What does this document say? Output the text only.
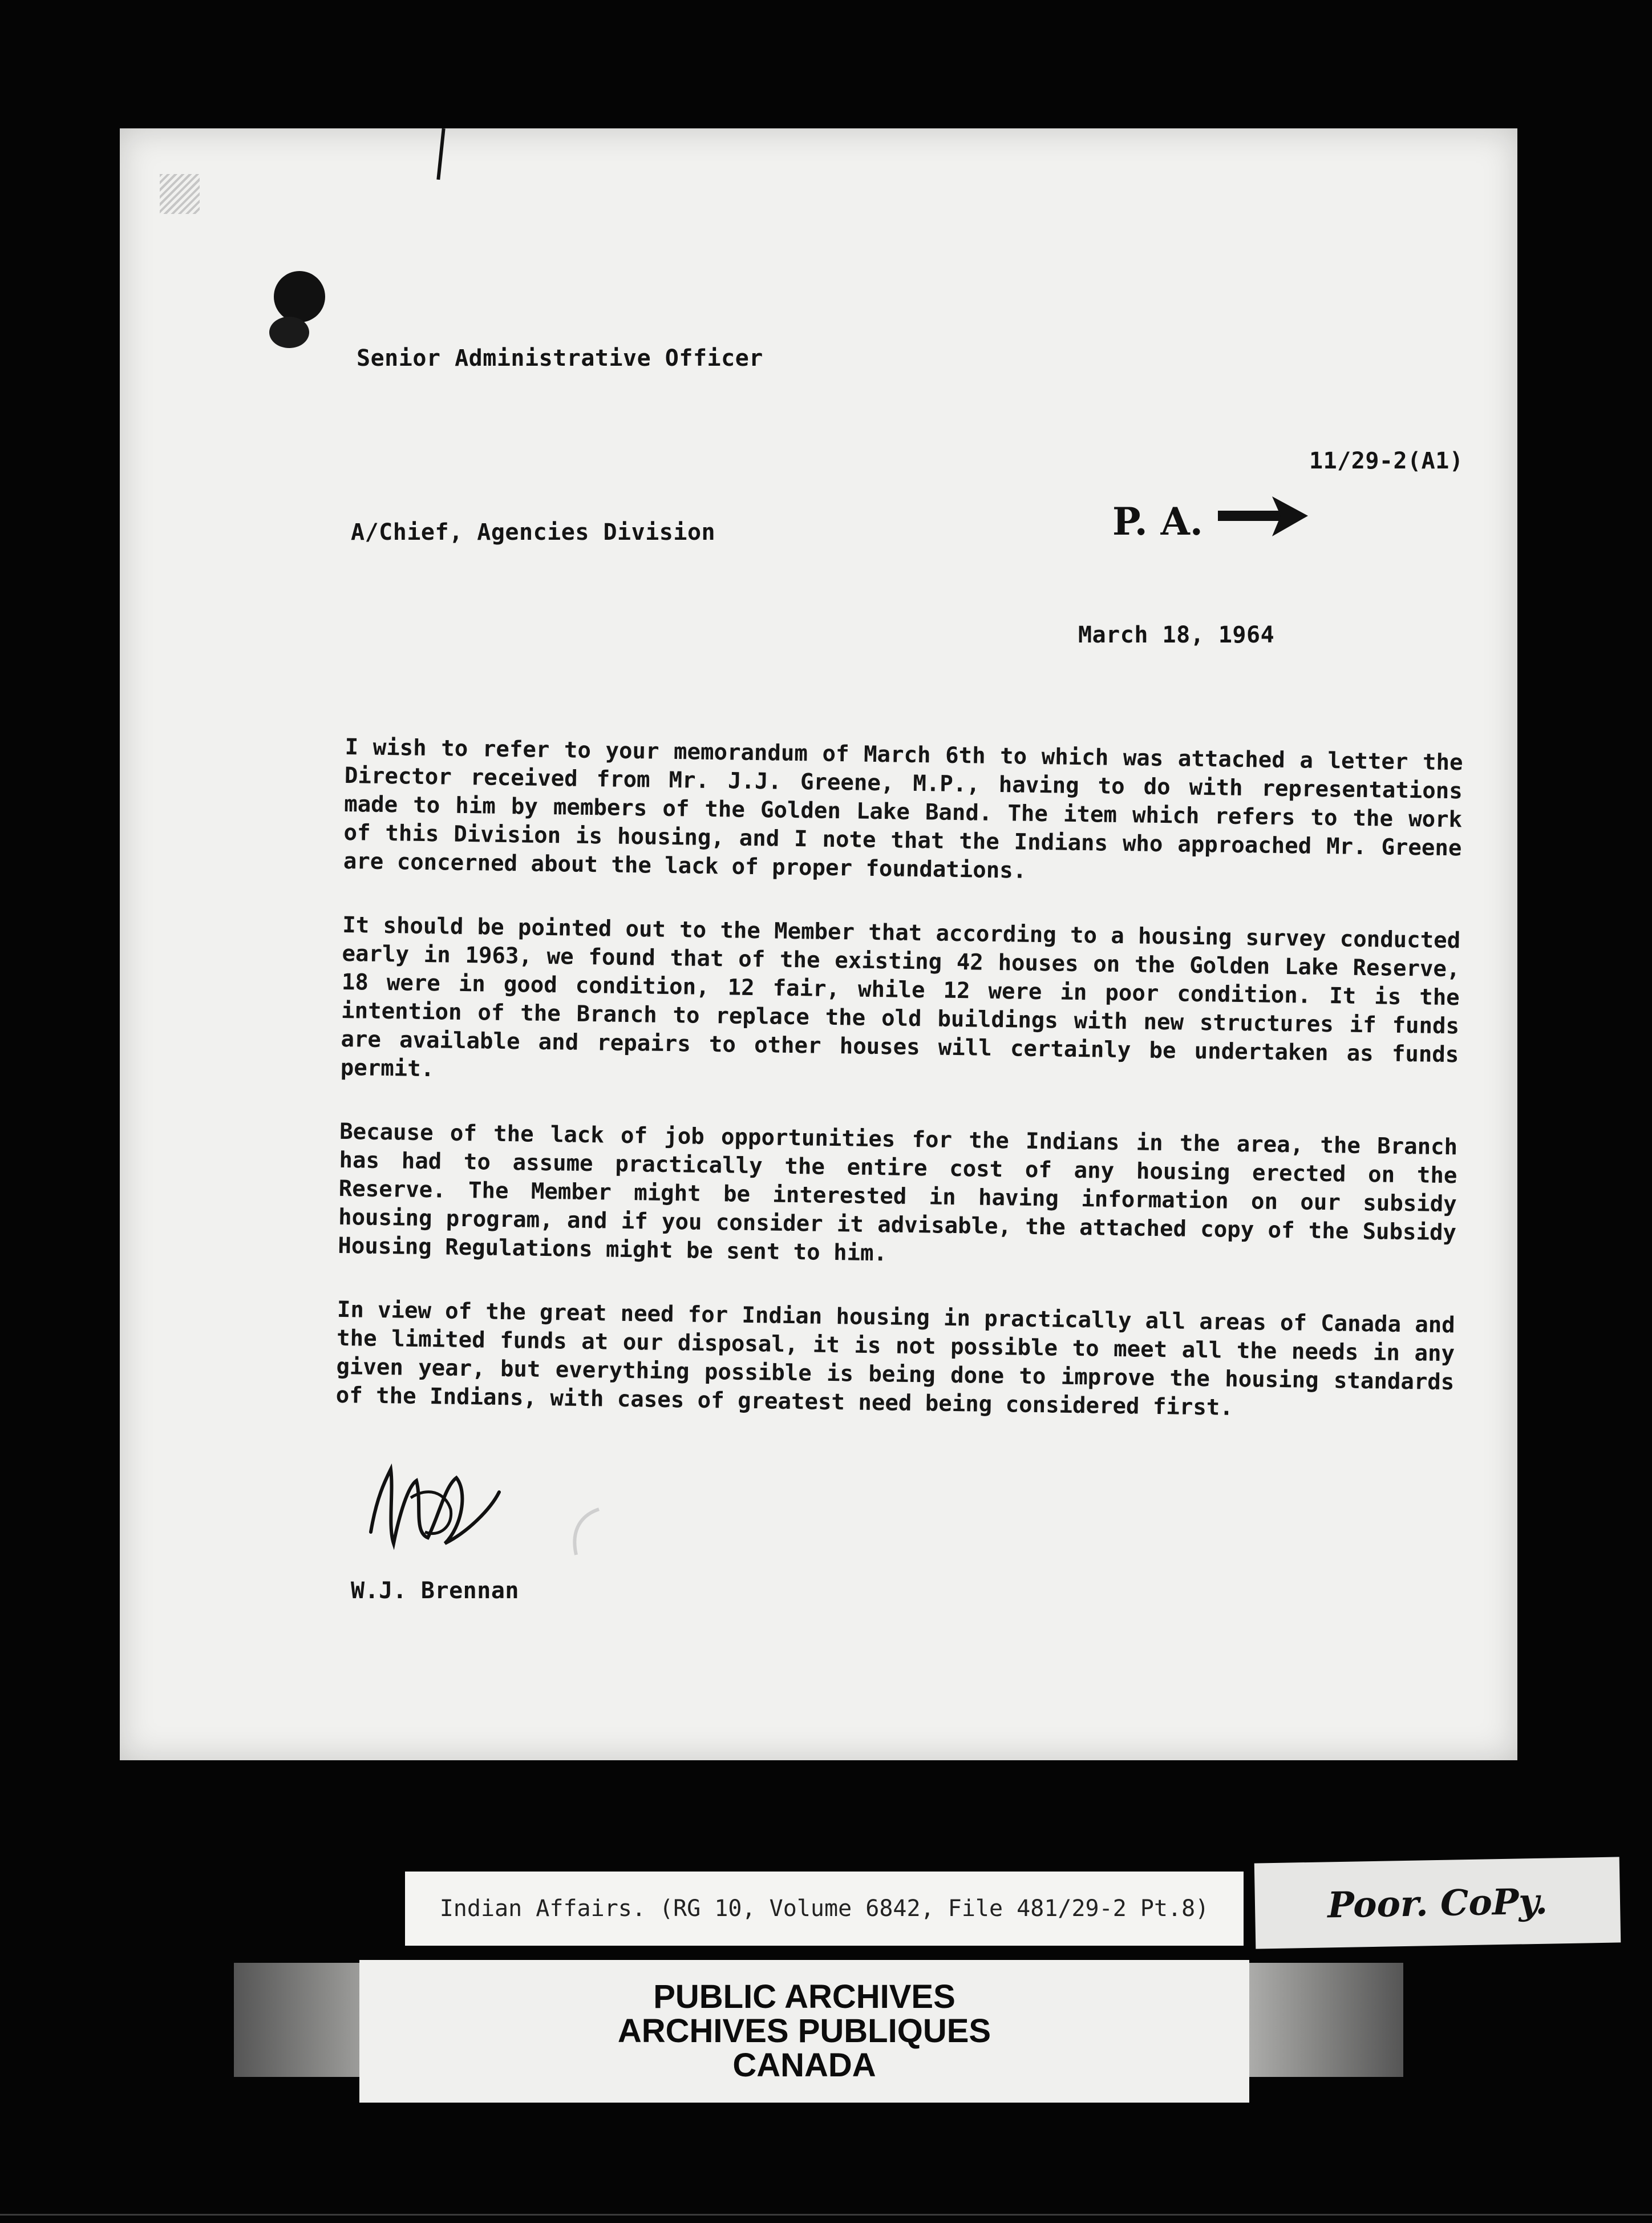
Senior Administrative Officer
11/29-2(A1)
A/Chief, Agencies Division	P. A.
March 18, 1964

I wish to refer to your memorandum of March 6th to which was attached a letter the Director received from Mr. J.J. Greene, M.P., having to do with representations made to him by members of the Golden Lake Band. The item which refers to the work of this Division is housing, and I note that the Indians who approached Mr. Greene are concerned about the lack of proper foundations.

It should be pointed out to the Member that according to a housing survey conducted early in 1963, we found that of the existing 42 houses on the Golden Lake Reserve, 18 were in good condition, 12 fair, while 12 were in poor condition. It is the intention of the Branch to replace the old buildings with new structures if funds are available and repairs to other houses will certainly be undertaken as funds permit.

Because of the lack of job opportunities for the Indians in the area, the Branch has had to assume practically the entire cost of any housing erected on the Reserve. The Member might be interested in having information on our subsidy housing program, and if you consider it advisable, the attached copy of the Subsidy Housing Regulations might be sent to him.

In view of the great need for Indian housing in practically all areas of Canada and the limited funds at our disposal, it is not possible to meet all the needs in any given year, but everything possible is being done to improve the housing standards of the Indians, with cases of greatest need being considered first.

W.J. Brennan
Indian Affairs. (RG 10, Volume 6842, File 481/29-2 Pt.8)	Poor. CoPy.
PUBLIC ARCHIVES
ARCHIVES PUBLIQUES
CANADA
